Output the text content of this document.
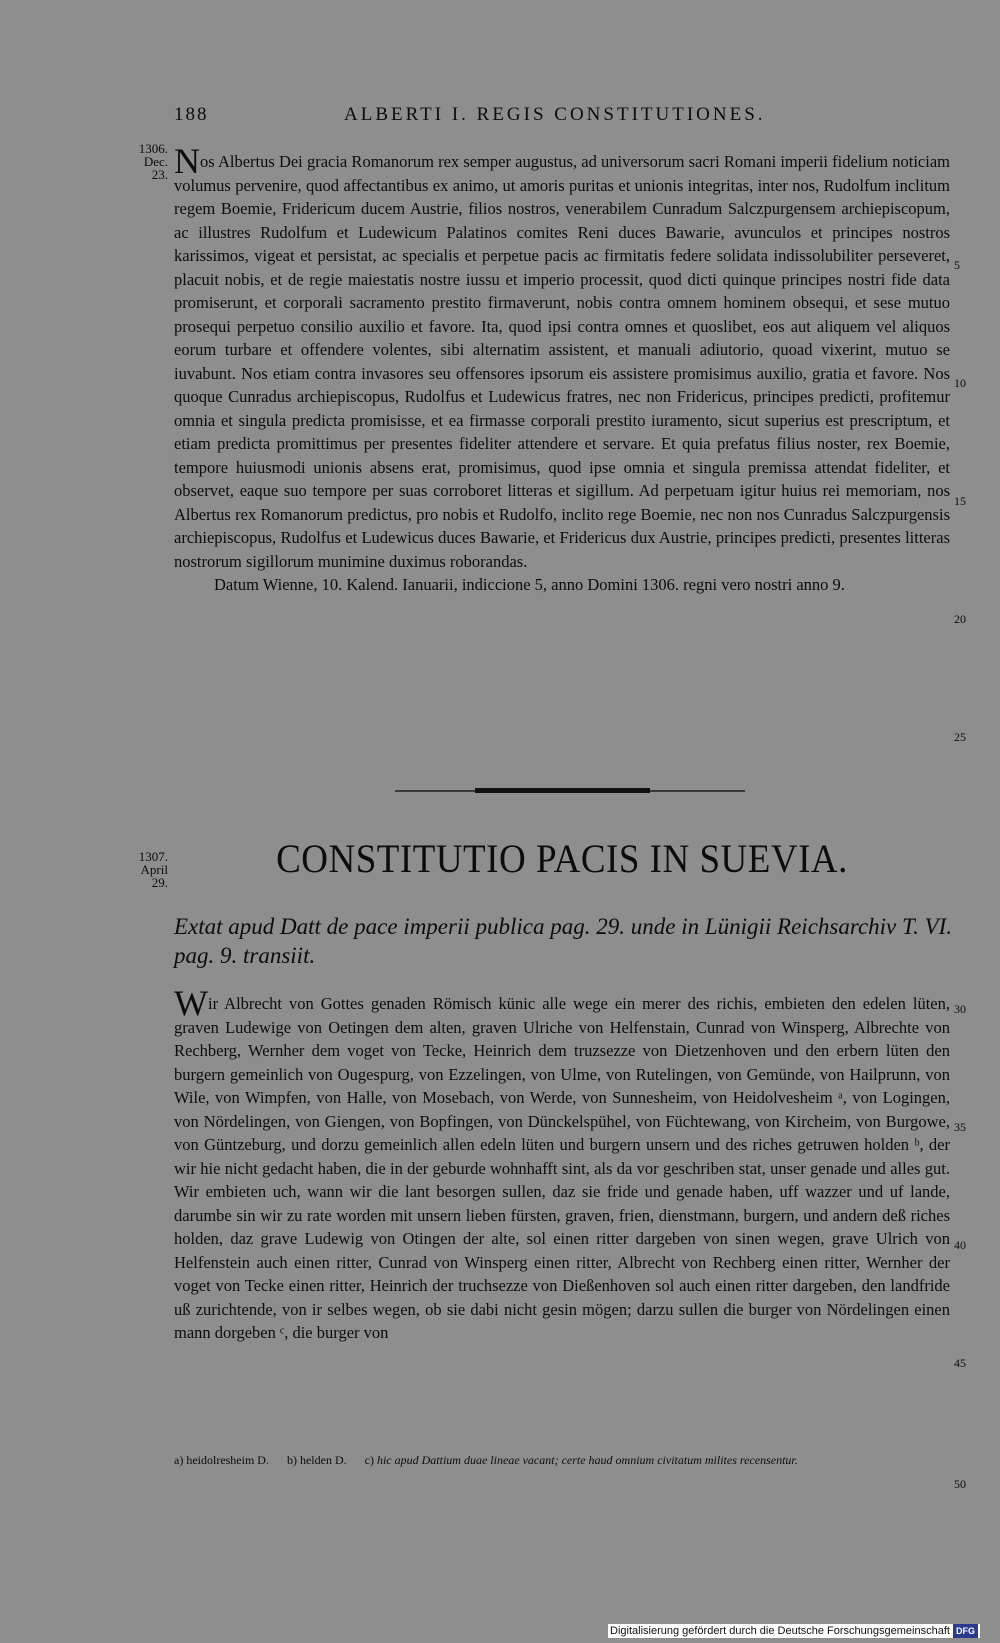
188	ALBERTI I. REGIS CONSTITUTIONES.
1306.
Dec.
23. Nos Albertus Dei gracia Romanorum rex semper augustus, ad universorum sacri Romani imperii fidelium noticiam volumus pervenire, quod affectantibus ex animo, ut amoris puritas et unionis integritas, inter nos, Rudolfum inclitum regem Boemie, Fridericum ducem Austrie, filios nostros, venerabilem Cunradum Salczpurgensem archiepiscopum, ac illustres Rudolfum et Ludewicum Palatinos comites Reni duces Bawarie, avunculos et principes nostros karissimos, vigeat et persistat, ac specialis et perpetue pacis ac firmitatis federe solidata indissolubiliter perseveret, placuit nobis, et de regie maiestatis nostre iussu et imperio processit, quod dicti quinque principes nostri fide data promiserunt, et corporali sacramento prestito firmaverunt, nobis contra omnem hominem obsequi, et sese mutuo prosequi perpetuo consilio auxilio et favore. Ita, quod ipsi contra omnes et quoslibet, eos aut aliquem vel aliquos eorum turbare et offendere volentes, sibi alternatim assistent, et manuali adiutorio, quoad vixerint, mutuo se iuvabunt. Nos etiam contra invasores seu offensores ipsorum eis assistere promisimus auxilio, gratia et favore. Nos quoque Cunradus archiepiscopus, Rudolfus et Ludewicus fratres, nec non Fridericus, principes predicti, profitemur omnia et singula predicta promisisse, et ea firmasse corporali prestito iuramento, sicut superius est prescriptum, et etiam predicta promittimus per presentes fideliter attendere et servare. Et quia prefatus filius noster, rex Boemie, tempore huiusmodi unionis absens erat, promisimus, quod ipse omnia et singula premissa attendat fideliter, et observet, eaque suo tempore per suas corroboret litteras et sigillum. Ad perpetuam igitur huius rei memoriam, nos Albertus rex Romanorum predictus, pro nobis et Rudolfo, inclito rege Boemie, nec non nos Cunradus Salczpurgensis archiepiscopus, Rudolfus et Ludewicus duces Bawarie, et Fridericus dux Austrie, principes predicti, presentes litteras nostrorum sigillorum munimine duximus roborandas.

Datum Wienne, 10. Kalend. Ianuarii, indiccione 5, anno Domini 1306. regni vero nostri anno 9.

5
10
15
20
25
1307.
April
29.
CONSTITUTIO PACIS IN SUEVIA.
Extat apud Datt de pace imperii publica pag. 29. unde in Lünigii Reichsarchiv T. VI. pag. 9. transiit.

Wir Albrecht von Gottes genaden Römisch künic alle wege ein merer des richis, embieten den edelen lüten, graven Ludewige von Oetingen dem alten, graven Ulriche von Helfenstain, Cunrad von Winsperg, Albrechte von Rechberg, Wernher dem voget von Tecke, Heinrich dem truzsezze von Dietzenhoven und den erbern lüten den burgern gemeinlich von Ougespurg, von Ezzelingen, von Ulme, von Rutelingen, von Gemünde, von Hailprunn, von Wile, von Wimpfen, von Halle, von Mosebach, von Werde, von Sunnesheim, von Heidolvesheim ᵃ, von Logingen, von Nördelingen, von Giengen, von Bopfingen, von Dünckelspühel, von Füchtewang, von Kircheim, von Burgowe, von Güntzeburg, und dorzu gemeinlich allen edeln lüten und burgern unsern und des riches getruwen holden ᵇ, der wir hie nicht gedacht haben, die in der geburde wohnhafft sint, als da vor geschriben stat, unser genade und alles gut. Wir embieten uch, wann wir die lant besorgen sullen, daz sie fride und genade haben, uff wazzer und uf lande, darumbe sin wir zu rate worden mit unsern lieben fürsten, graven, frien, dienstmann, burgern, und andern deß riches holden, daz grave Ludewig von Otingen der alte, sol einen ritter dargeben von sinen wegen, grave Ulrich von Helfenstein auch einen ritter, Cunrad von Winsperg einen ritter, Albrecht von Rechberg einen ritter, Wernher der voget von Tecke einen ritter, Heinrich der truchsezze von Dießenhoven sol auch einen ritter dargeben, den landfride uß zurichtende, von ir selbes wegen, ob sie dabi nicht gesin mögen; darzu sullen die burger von Nördelingen einen mann dorgeben ᶜ, die burger von

30
35
40
45
a) heidolresheim D. b) helden D. c) hic apud Dattium duae lineae vacant; certe haud omnium civitatum milites recensentur.
50
Digitalisierung gefördert durch die Deutsche Forschungsgemeinschaft DFG
